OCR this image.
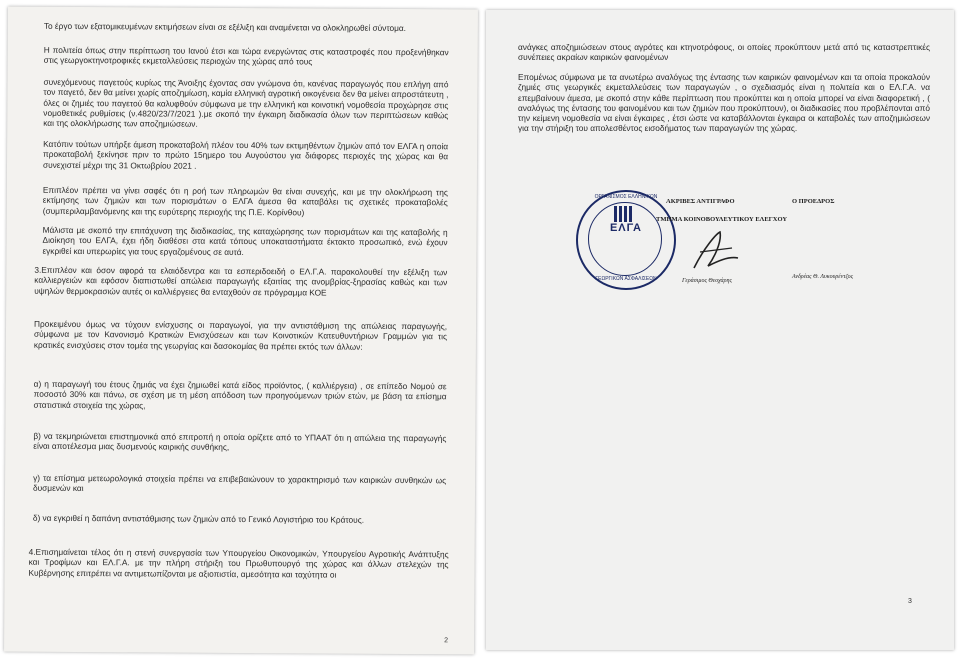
Το έργο των εξατομικευμένων εκτιμήσεων είναι σε εξέλιξη και αναμένεται να ολοκληρωθεί σύντομα.
Η πολιτεία όπως στην περίπτωση του Ιανού έτσι και τώρα ενεργώντας στις καταστροφές που προξενήθηκαν στις γεωργοκτηνοτροφικές εκμεταλλεύσεις περιοχών της χώρας από τους
συνεχόμενους παγετούς κυρίως της Άνοιξης έχοντας σαν γνώμονα ότι, κανένας παραγωγός που επλήγη από τον παγετό, δεν θα μείνει χωρίς αποζημίωση, καμία ελληνική αγροτική οικογένεια δεν θα μείνει απροστάτευτη , όλες οι ζημιές του παγετού θα καλυφθούν σύμφωνα με την ελληνική και κοινοτική νομοθεσία προχώρησε στις νομοθετικές ρυθμίσεις (ν.4820/23/7/2021 ).με σκοπό την έγκαιρη διαδικασία όλων των περιπτώσεων καθώς και της ολοκλήρωσης των αποζημιώσεων.
Κατόπιν τούτων υπήρξε άμεση προκαταβολή πλέον του 40% των εκτιμηθέντων ζημιών από τον ΕΛΓΑ η οποία προκαταβολή ξεκίνησε πριν το πρώτο 15ημερο του Αυγούστου για διάφορες περιοχές της χώρας και θα συνεχιστεί μέχρι της 31 Οκτωβρίου 2021 .
Επιπλέον πρέπει να γίνει σαφές ότι η ροή των πληρωμών θα είναι συνεχής, και με την ολοκλήρωση της εκτίμησης των ζημιών και των πορισμάτων ο ΕΛΓΑ άμεσα θα καταβάλει τις σχετικές προκαταβολές (συμπεριλαμβανόμενης και της ευρύτερης περιοχής της Π.Ε. Κορίνθου)
Μάλιστα με σκοπό την επιτάχυνση της διαδικασίας, της καταχώρησης των πορισμάτων και της καταβολής η Διοίκηση του ΕΛΓΑ, έχει ήδη διαθέσει στα κατά τόπους υποκαταστήματα έκτακτο προσωπικό, ενώ έχουν εγκριθεί και υπερωρίες για τους εργαζομένους σε αυτά.
3.Επιπλέον και όσον αφορά τα ελαιόδεντρα και τα εσπεριδοειδή ο ΕΛ.Γ.Α. παρακολουθεί την εξέλιξη των καλλιεργειών και εφόσον διαπιστωθεί απώλεια παραγωγής εξαιτίας της ανομβρίας-ξηρασίας καθώς και των υψηλών θερμοκρασιών αυτές οι καλλιέργειες θα ενταχθούν σε πρόγραμμα ΚΟΕ
Προκειμένου όμως να τύχουν ενίσχυσης οι παραγωγοί, για την αντιστάθμιση της απώλειας παραγωγής, σύμφωνα με τον Κανονισμό Κρατικών Ενισχύσεων και των Κοινοτικών Κατευθυντήριων Γραμμών για τις κρατικές ενισχύσεις στον τομέα της γεωργίας και δασοκομίας θα πρέπει εκτός των άλλων:
α) η παραγωγή του έτους ζημιάς να έχει ζημιωθεί κατά είδος προϊόντος, ( καλλιέργεια) , σε επίπεδο Νομού σε ποσοστό 30% και πάνω, σε σχέση με τη μέση απόδοση των προηγούμενων τριών ετών, με βάση τα επίσημα στατιστικά στοιχεία της χώρας,
β) να τεκμηριώνεται επιστημονικά από επιτροπή η οποία ορίζετε από το ΥΠΑΑΤ ότι η απώλεια της παραγωγής είναι αποτέλεσμα μιας δυσμενούς καιρικής συνθήκης,
γ) τα επίσημα μετεωρολογικά στοιχεία πρέπει να επιβεβαιώνουν το χαρακτηρισμό των καιρικών συνθηκών ως δυσμενών και
δ) να εγκριθεί η δαπάνη αντιστάθμισης των ζημιών από το Γενικό Λογιστήριο του Κράτους.
4.Επισημαίνεται τέλος ότι η στενή συνεργασία των Υπουργείου Οικονομικών, Υπουργείου Αγροτικής Ανάπτυξης και Τροφίμων και ΕΛ.Γ.Α. με την πλήρη στήριξη του Πρωθυπουργό της χώρας και άλλων στελεχών της Κυβέρνησης επιτρέπει να αντιμετωπίζονται με αξιοπιστία, αμεσότητα και ταχύτητα οι
2
ανάγκες αποζημιώσεων στους αγρότες και κτηνοτρόφους, οι οποίες προκύπτουν μετά από τις καταστρεπτικές συνέπειες ακραίων καιρικών φαινομένων
Επομένως σύμφωνα με τα ανωτέρω αναλόγως της έντασης των καιρικών φαινομένων και τα οποία προκαλούν ζημιές στις γεωργικές εκμεταλλεύσεις των παραγωγών , ο σχεδιασμός είναι η πολιτεία και ο ΕΛ.Γ.Α. να επεμβαίνουν άμεσα, με σκοπό στην κάθε περίπτωση που προκύπτει και η οποία μπορεί να είναι διαφορετική , ( αναλόγως της έντασης του φαινομένου και των ζημιών που προκύπτουν), οι διαδικασίες που προβλέπονται από την κείμενη νομοθεσία να είναι έγκαιρες , έτσι ώστε να καταβάλλονται έγκαιρα οι καταβολές των αποζημιώσεων για την στήριξη του απολεσθέντος εισοδήματος των παραγωγών της χώρας.
ΕΛΓΑ
ΟΡΓΑΝΙΣΜΟΣ ΕΛΛΗΝΙΚΩΝ
ΓΕΩΡΓΙΚΩΝ ΑΣΦΑΛΙΣΕΩΝ
ΑΚΡΙΒΕΣ ΑΝΤΙΓΡΑΦΟ
ΤΜΗΜΑ ΚΟΙΝΟΒΟΥΛΕΥΤΙΚΟΥ ΕΛΕΓΧΟΥ
Γεράσιμος Θεοχάρης
Ο ΠΡΟΕΔΡΟΣ
Ανδρέας Θ. Λυκουρέντζος
3
